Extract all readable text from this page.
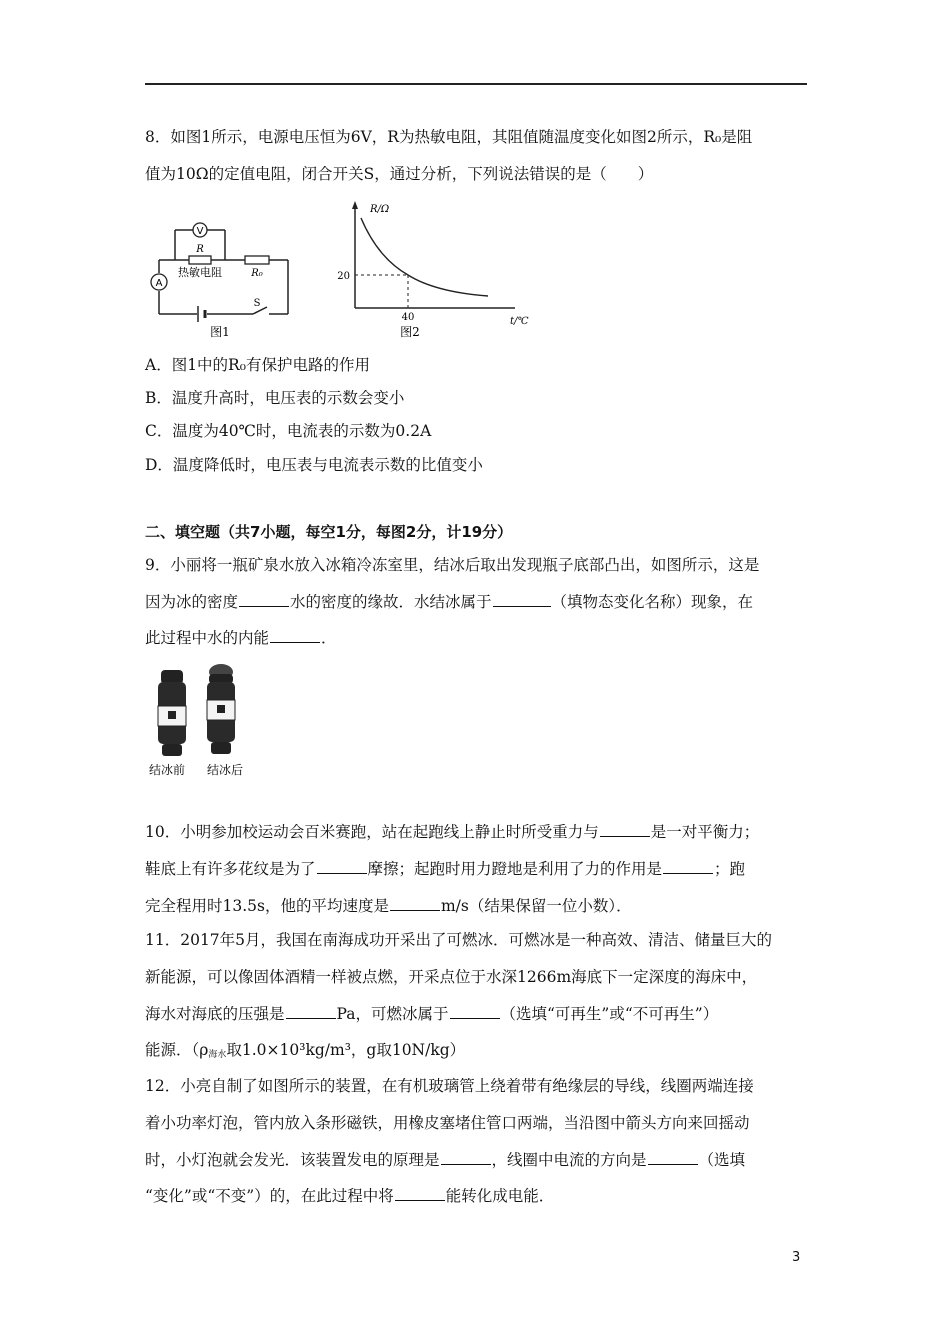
8．如图1所示，电源电压恒为6V，R为热敏电阻，其阻值随温度变化如图2所示，R₀是阻
值为10Ω的定值电阻，闭合开关S，通过分析，下列说法错误的是（　　）
V
A
R
热敏电阻	R₀
S
图1
R/Ω
t/℃
20
40
图2
A．图1中的R₀有保护电路的作用
B．温度升高时，电压表的示数会变小
C．温度为40℃时，电流表的示数为0.2A
D．温度降低时，电压表与电流表示数的比值变小
二、填空题（共7小题，每空1分，每图2分，计19分）
9．小丽将一瓶矿泉水放入冰箱冷冻室里，结冰后取出发现瓶子底部凸出，如图所示，这是
因为冰的密度	水的密度的缘故．水结冰属于	（填物态变化名称）现象，在
此过程中水的内能	．
结冰前 结冰后
10．小明参加校运动会百米赛跑，站在起跑线上静止时所受重力与	是一对平衡力；
鞋底上有许多花纹是为了	摩擦；起跑时用力蹬地是利用了力的作用是	；跑
完全程用时13.5s，他的平均速度是	m/s（结果保留一位小数）．
11．2017年5月，我国在南海成功开采出了可燃冰．可燃冰是一种高效、清洁、储量巨大的
新能源，可以像固体酒精一样被点燃，开采点位于水深1266m海底下一定深度的海床中，
海水对海底的压强是	Pa，可燃冰属于	（选填“可再生”或“不可再生”）
能源．（ρ海水取1.0×10³kg/m³，g取10N/kg）
12．小亮自制了如图所示的装置，在有机玻璃管上绕着带有绝缘层的导线，线圈两端连接
着小功率灯泡，管内放入条形磁铁，用橡皮塞堵住管口两端，当沿图中箭头方向来回摇动
时，小灯泡就会发光．该装置发电的原理是	，线圈中电流的方向是	（选填
“变化”或“不变”）的，在此过程中将	能转化成电能．
3
